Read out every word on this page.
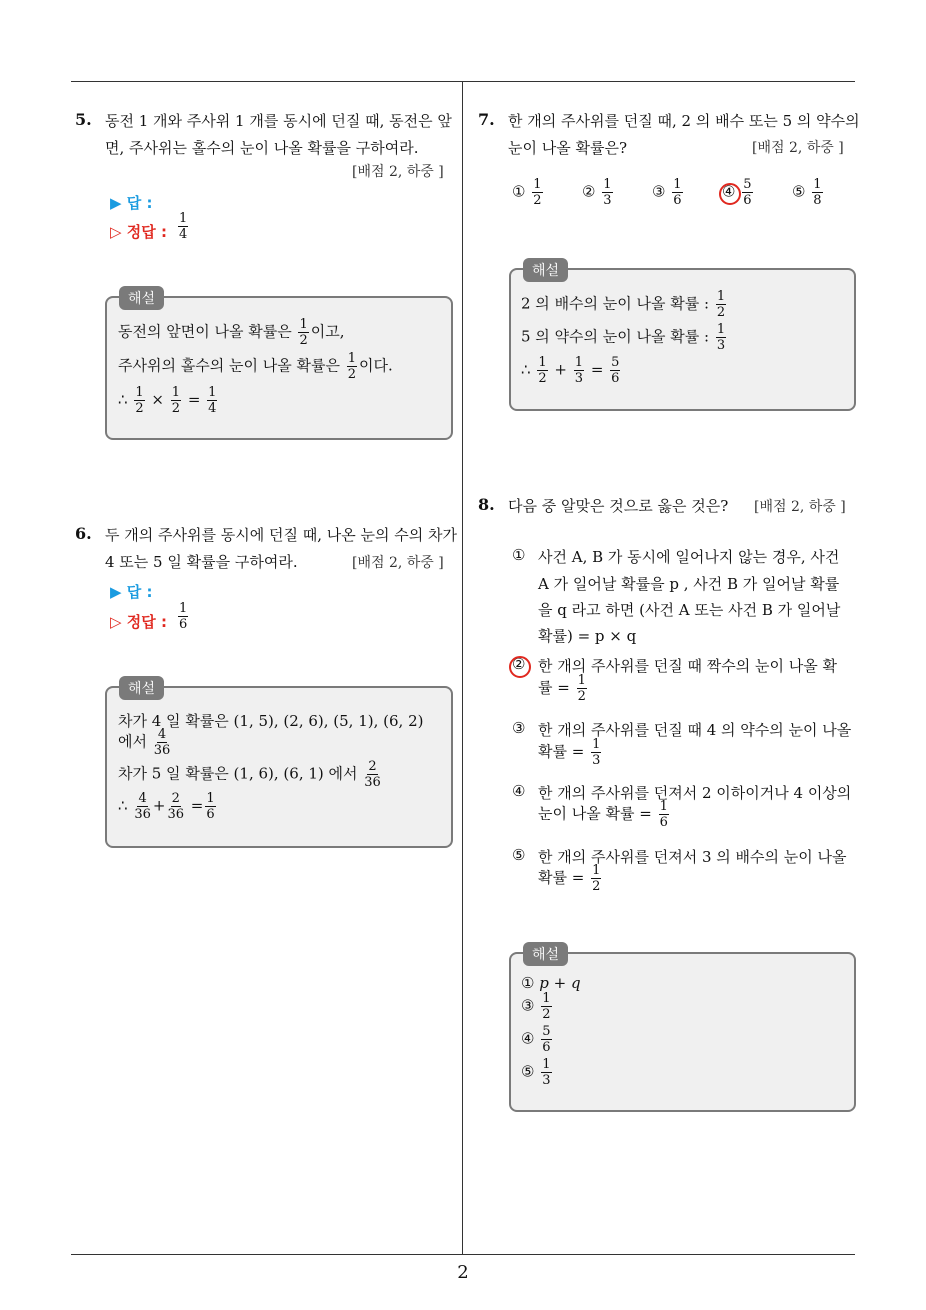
2
5. 동전 1 개와 주사위 1 개를 동시에 던질 때, 동전은 앞
면, 주사위는 홀수의 눈이 나올 확률을 구하여라.
[배점 2, 하중 ]
▶ 답 :
▷ 정답 : $\frac{1}{4}$
해설
동전의 앞면이 나올 확률은 $\frac{1}{2}$ 이고,
주사위의 홀수의 눈이 나올 확률은 $\frac{1}{2}$ 이다.
∴ $\frac{1}{2} \times \frac{1}{2} = \frac{1}{4}$
6. 두 개의 주사위를 동시에 던질 때, 나온 눈의 수의 차가
4 또는 5 일 확률을 구하여라.	[배점 2, 하중 ]
▶ 답 :
▷ 정답 : $\frac{1}{6}$
해설
차가 4 일 확률은 (1, 5), (2, 6), (5, 1), (6, 2)
에서 $\frac{4}{36}$
차가 5 일 확률은 (1, 6), (6, 1) 에서 $\frac{2}{36}$
∴ $\frac{4}{36} + \frac{2}{36} = \frac{1}{6}$
7. 한 개의 주사위를 던질 때, 2 의 배수 또는 5 의 약수의
눈이 나올 확률은?	[배점 2, 하중 ]
① $\frac{1}{2}$	② $\frac{1}{3}$	③ $\frac{1}{6}$	④ $\frac{5}{6}$	⑤ $\frac{1}{8}$
해설
2 의 배수의 눈이 나올 확률 : $\frac{1}{2}$
5 의 약수의 눈이 나올 확률 : $\frac{1}{3}$
∴ $\frac{1}{2} + \frac{1}{3} = \frac{5}{6}$
8. 다음 중 알맞은 것으로 옳은 것은? [배점 2, 하중 ]
① 사건 A, B 가 동시에 일어나지 않는 경우, 사건
A 가 일어날 확률을 p , 사건 B 가 일어날 확률
을 q 라고 하면 (사건 A 또는 사건 B 가 일어날
확률) = p × q
② 한 개의 주사위를 던질 때 짝수의 눈이 나올 확
률 = $\frac{1}{2}$
③ 한 개의 주사위를 던질 때 4 의 약수의 눈이 나올
확률 = $\frac{1}{3}$
④ 한 개의 주사위를 던져서 2 이하이거나 4 이상의
눈이 나올 확률 = $\frac{1}{6}$
⑤ 한 개의 주사위를 던져서 3 의 배수의 눈이 나올
확률 = $\frac{1}{2}$
해설
① p + q
③ $\frac{1}{2}$
④ $\frac{5}{6}$
⑤ $\frac{1}{3}$
